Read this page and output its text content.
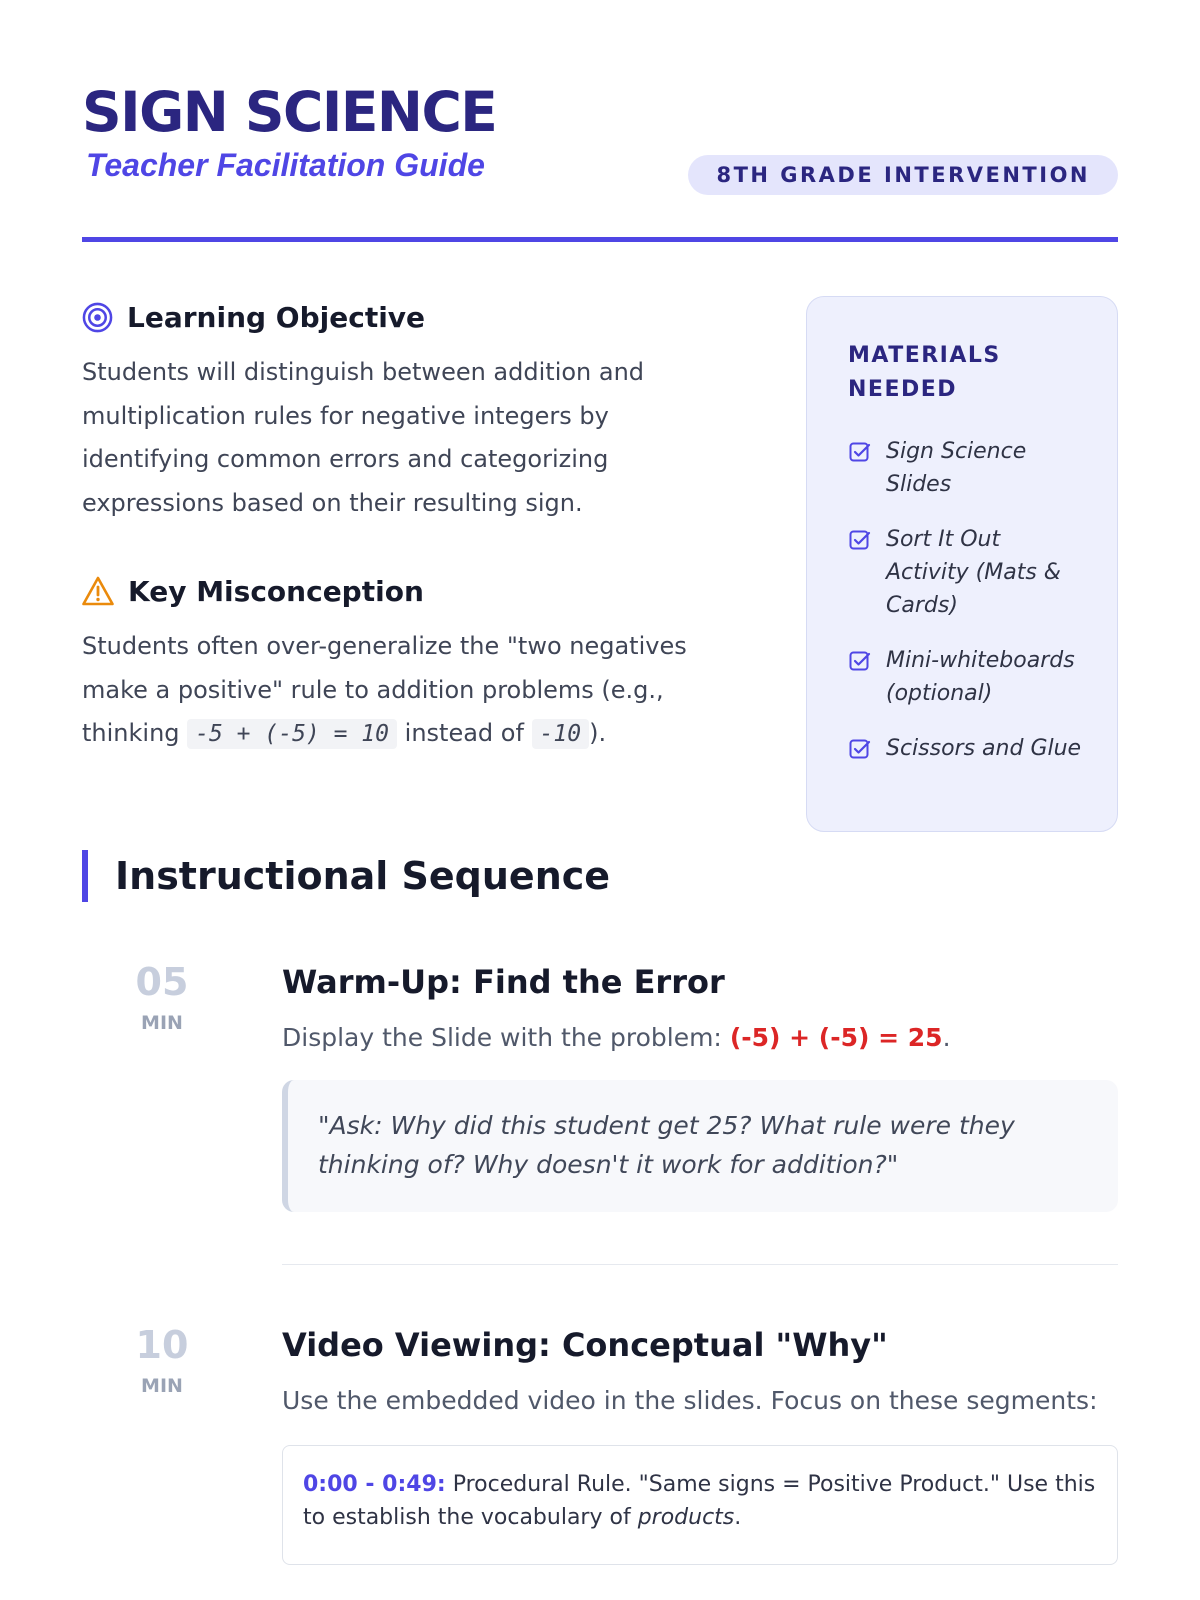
SIGN SCIENCE
Teacher Facilitation Guide	8TH GRADE INTERVENTION
Learning Objective

Students will distinguish between addition and multiplication rules for negative integers by identifying common errors and categorizing expressions based on their resulting sign.

Key Misconception

Students often over-generalize the "two negatives make a positive" rule to addition problems (e.g., thinking -5 + (-5) = 10 instead of -10 ).

MATERIALS NEEDED
Sign Science Slides
Sort It Out Activity (Mats & Cards)
Mini-whiteboards (optional)
Scissors and Glue
Instructional Sequence
05
MIN
Warm-Up: Find the Error
Display the Slide with the problem: (-5) + (-5) = 25.
"Ask: Why did this student get 25? What rule were they thinking of? Why doesn't it work for addition?"
10
MIN
Video Viewing: Conceptual "Why"
Use the embedded video in the slides. Focus on these segments:
0:00 - 0:49: Procedural Rule. "Same signs = Positive Product." Use this to establish the vocabulary of products.
